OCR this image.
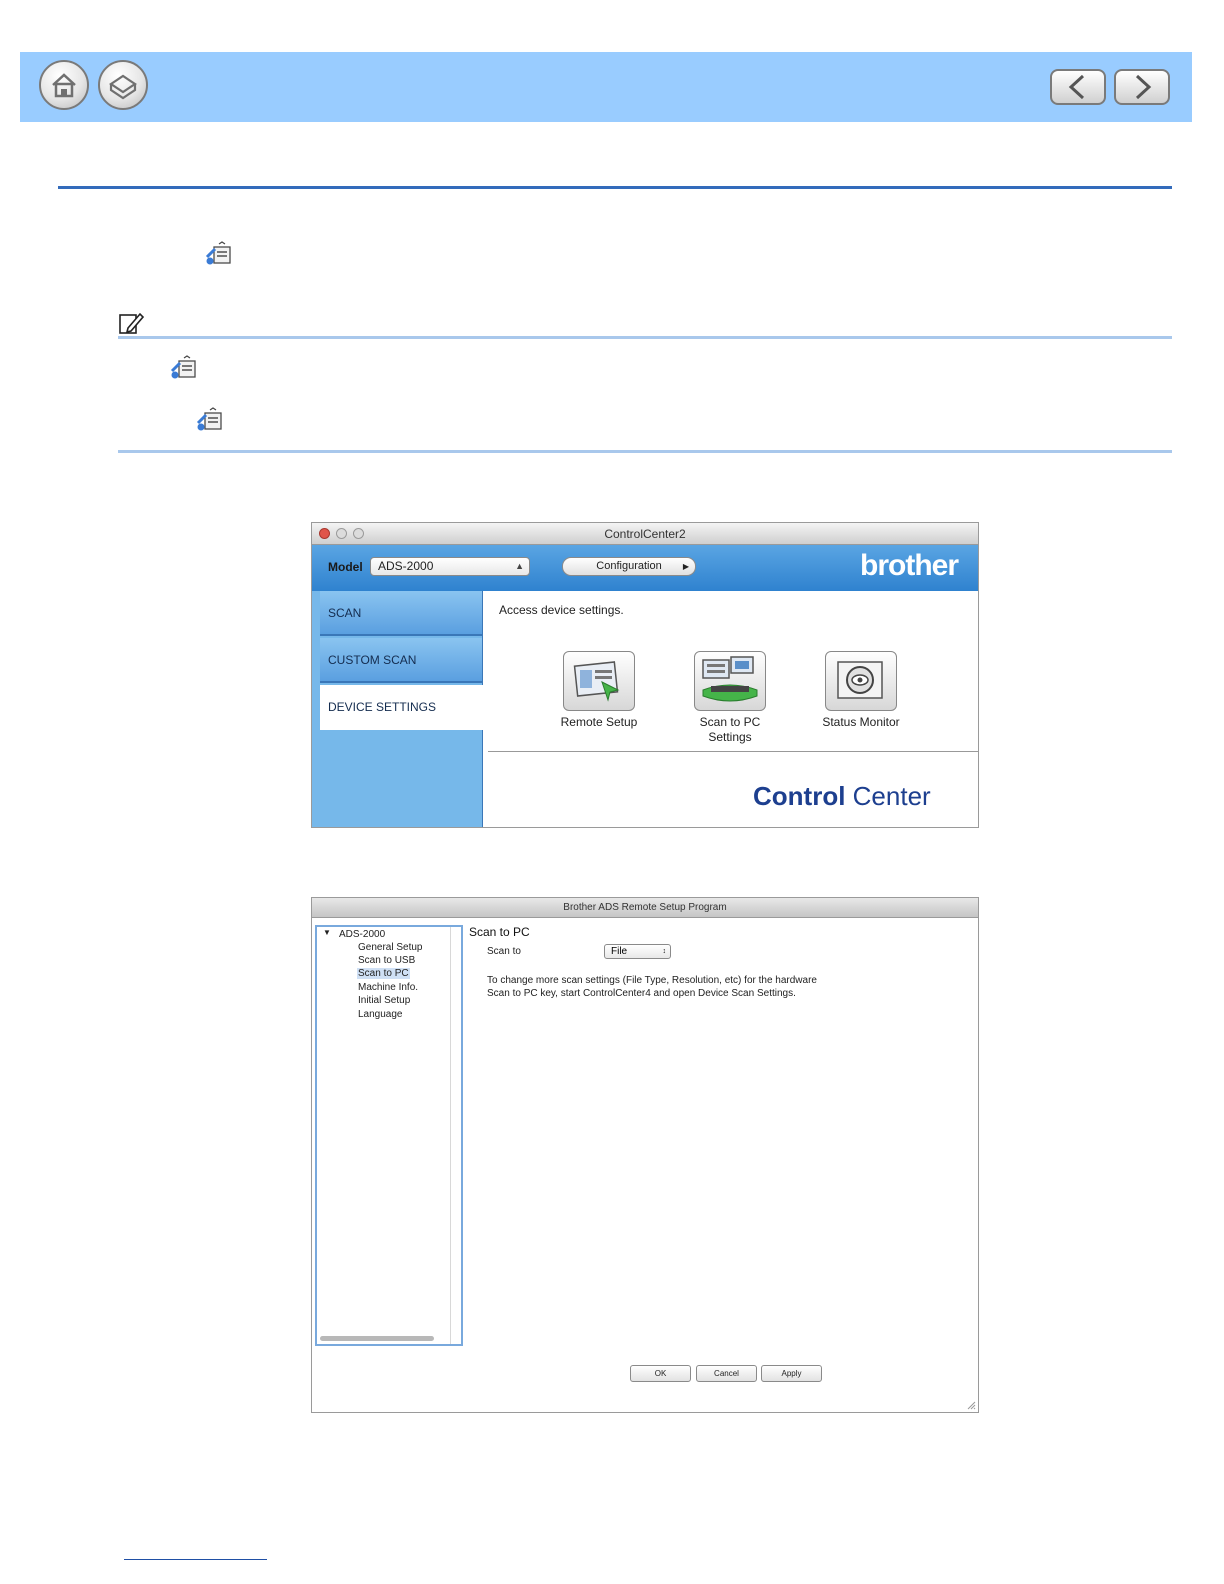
ControlCenter2
Model	ADS-2000	▲	Configuration	▶	brother
SCAN
CUSTOM SCAN
DEVICE SETTINGS
Access device settings.
Remote Setup	Scan to PC
Settings
Status Monitor
Control Center
Brother ADS Remote Setup Program
▼ ADS-2000
General Setup
Scan to USB
Scan to PC
Machine Info.
Initial Setup
Language
Scan to PC
Scan to	File	↕
To change more scan settings (File Type, Resolution, etc) for the hardware
Scan to PC key, start ControlCenter4 and open Device Scan Settings.
OK	Cancel	Apply
